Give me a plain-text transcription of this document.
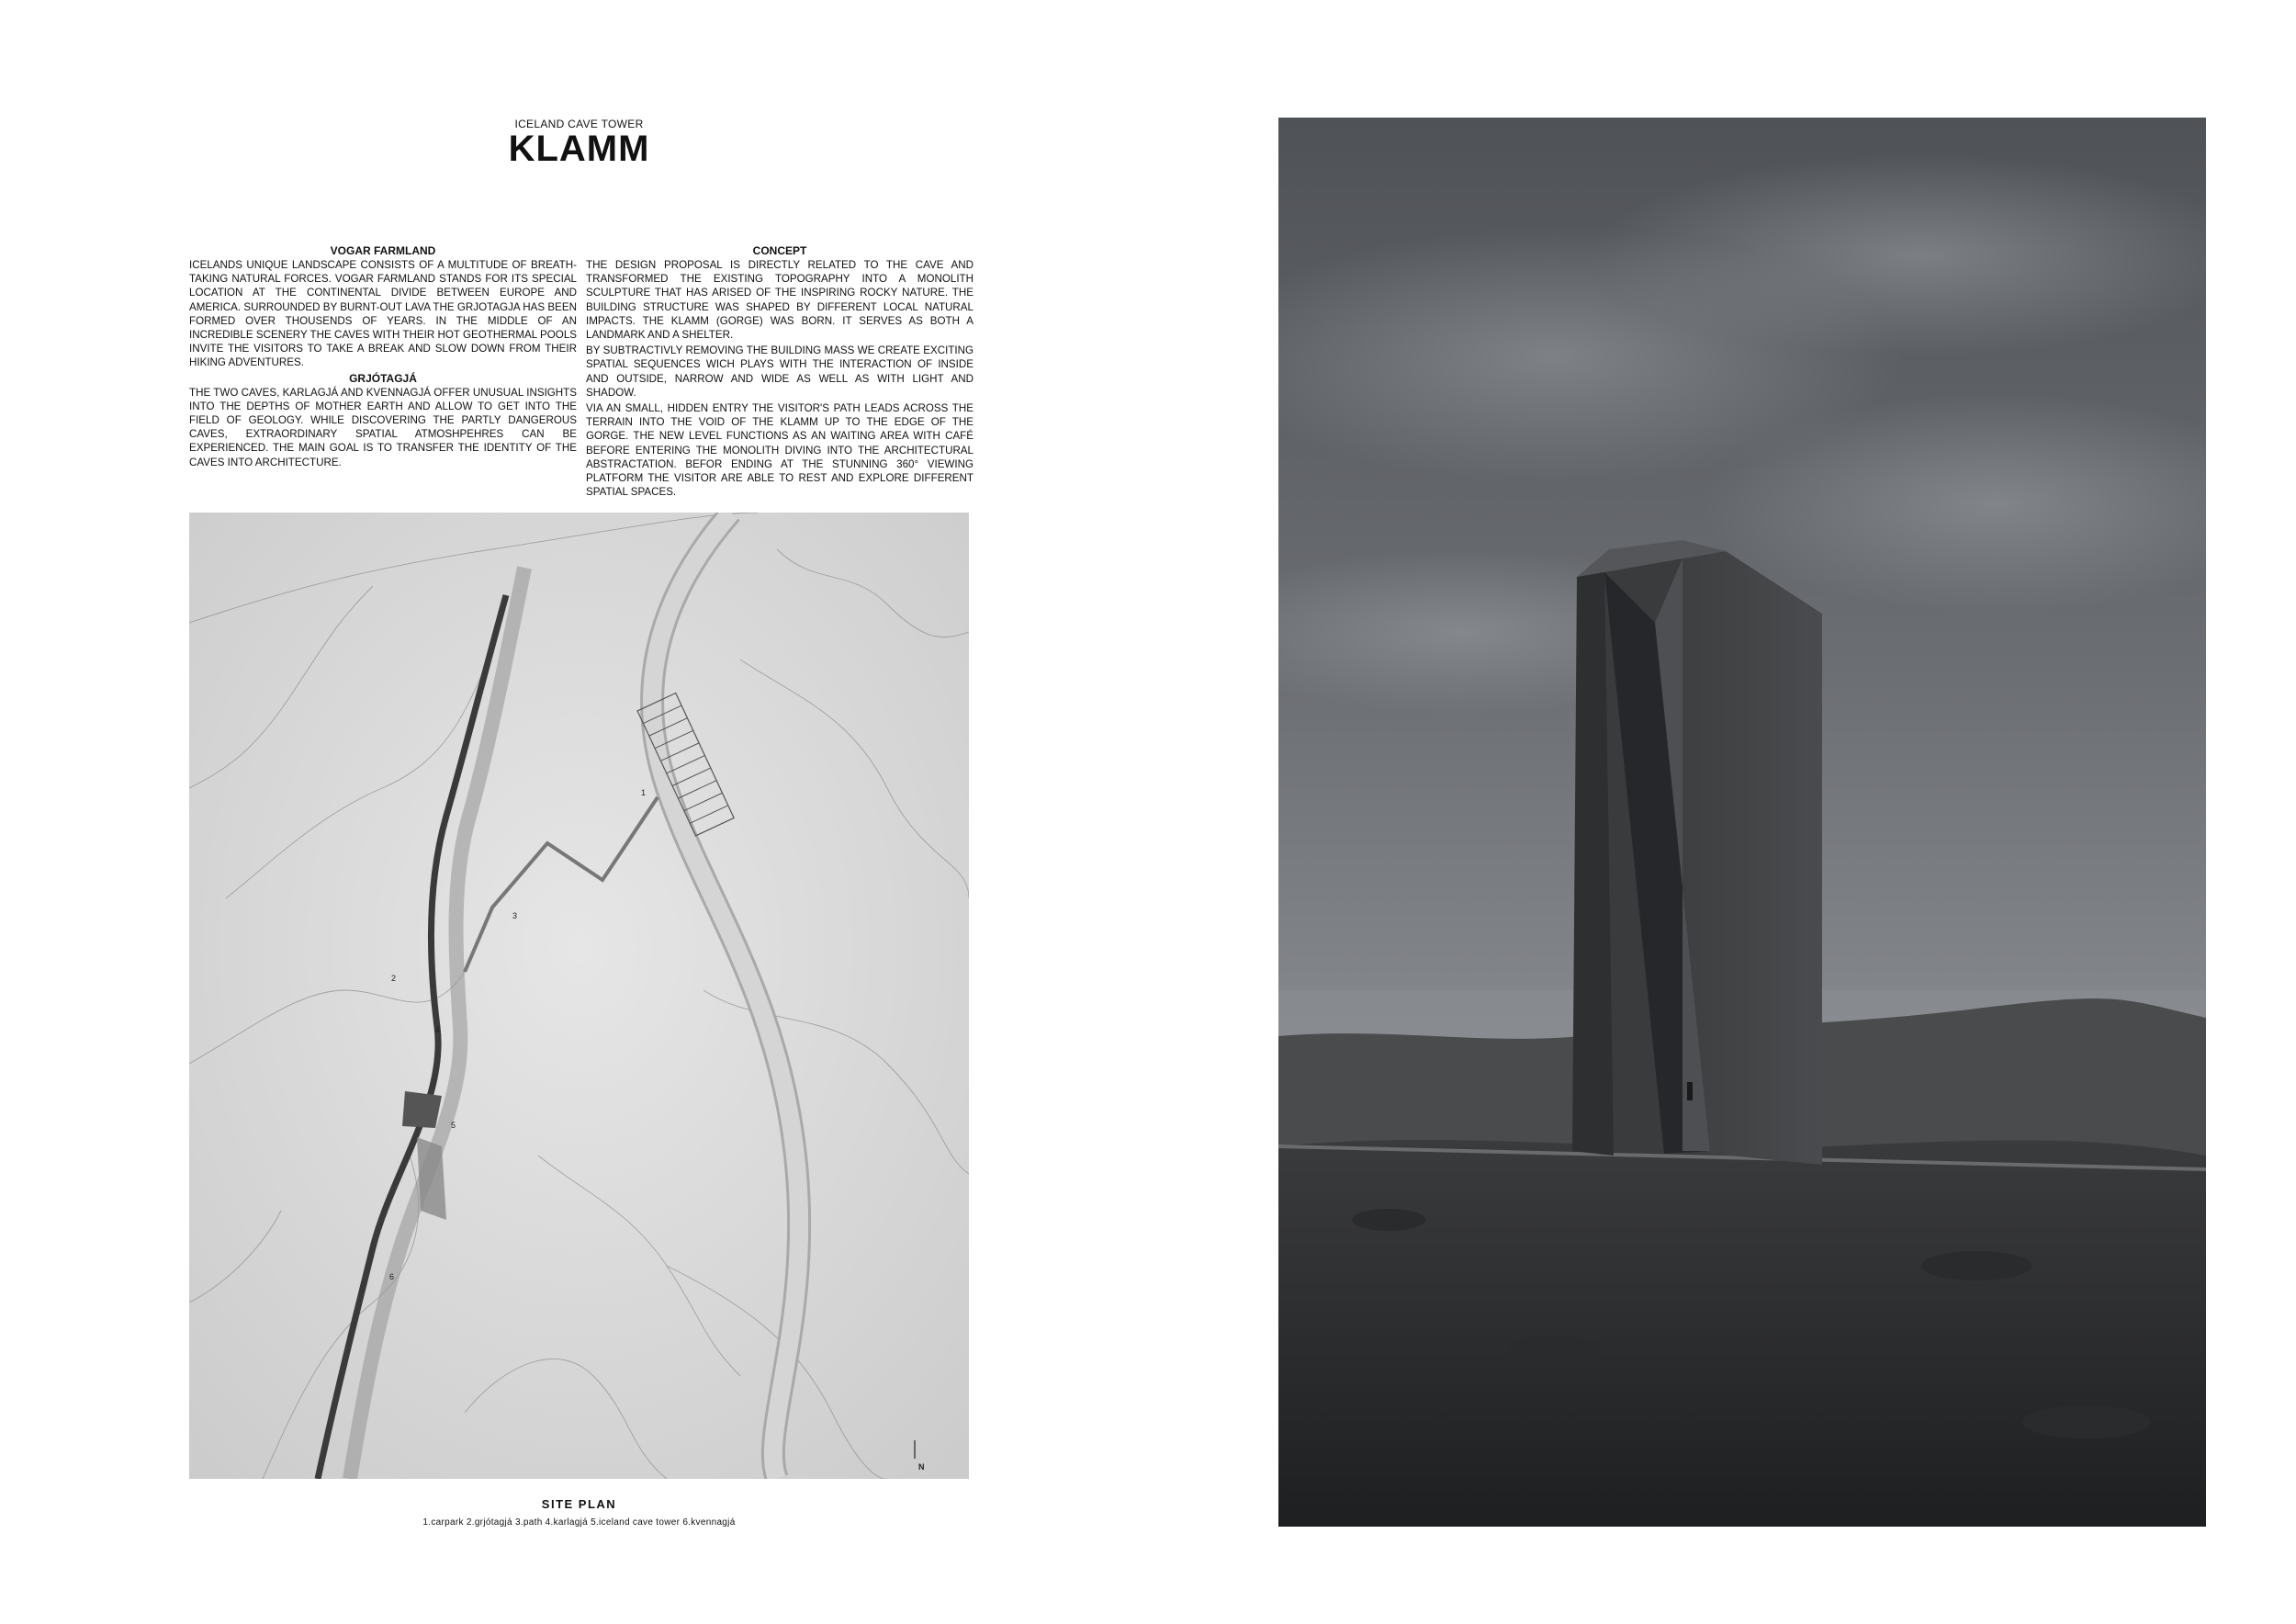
ICELAND CAVE TOWER
KLAMM
VOGAR FARMLAND

ICELANDS UNIQUE LANDSCAPE CONSISTS OF A MULTITUDE OF BREATH-TAKING NATURAL FORCES. VOGAR FARMLAND STANDS FOR ITS SPECIAL LOCATION AT THE CONTINENTAL DIVIDE BETWEEN EUROPE AND AMERICA. SURROUNDED BY BURNT-OUT LAVA THE GRJOTAGJA HAS BEEN FORMED OVER THOUSENDS OF YEARS. IN THE MIDDLE OF AN INCREDIBLE SCENERY THE CAVES WITH THEIR HOT GEOTHERMAL POOLS INVITE THE VISITORS TO TAKE A BREAK AND SLOW DOWN FROM THEIR HIKING ADVENTURES.

GRJÓTAGJÁ

THE TWO CAVES, KARLAGJÁ AND KVENNAGJÁ OFFER UNUSUAL INSIGHTS INTO THE DEPTHS OF MOTHER EARTH AND ALLOW TO GET INTO THE FIELD OF GEOLOGY. WHILE DISCOVERING THE PARTLY DANGEROUS CAVES, EXTRAORDINARY SPATIAL ATMOSHPEHRES CAN BE EXPERIENCED. THE MAIN GOAL IS TO TRANSFER THE IDENTITY OF THE CAVES INTO ARCHITECTURE.

CONCEPT

THE DESIGN PROPOSAL IS DIRECTLY RELATED TO THE CAVE AND TRANSFORMED THE EXISTING TOPOGRAPHY INTO A MONOLITH SCULPTURE THAT HAS ARISED OF THE INSPIRING ROCKY NATURE. THE BUILDING STRUCTURE WAS SHAPED BY DIFFERENT LOCAL NATURAL IMPACTS. THE KLAMM (GORGE) WAS BORN. IT SERVES AS BOTH A LANDMARK AND A SHELTER.

BY SUBTRACTIVLY REMOVING THE BUILDING MASS WE CREATE EXCITING SPATIAL SEQUENCES WICH PLAYS WITH THE INTERACTION OF INSIDE AND OUTSIDE, NARROW AND WIDE AS WELL AS WITH LIGHT AND SHADOW.

VIA AN SMALL, HIDDEN ENTRY THE VISITOR'S PATH LEADS ACROSS THE TERRAIN INTO THE VOID OF THE KLAMM UP TO THE EDGE OF THE GORGE. THE NEW LEVEL FUNCTIONS AS AN WAITING AREA WITH CAFÉ BEFORE ENTERING THE MONOLITH DIVING INTO THE ARCHITECTURAL ABSTRACTATION. BEFOR ENDING AT THE STUNNING 360° VIEWING PLATFORM THE VISITOR ARE ABLE TO REST AND EXPLORE DIFFERENT SPATIAL SPACES.

1
2
3
4
5
6
N
SITE PLAN
1.carpark 2.grjótagjá 3.path 4.karlagjá 5.iceland cave tower 6.kvennagjá
